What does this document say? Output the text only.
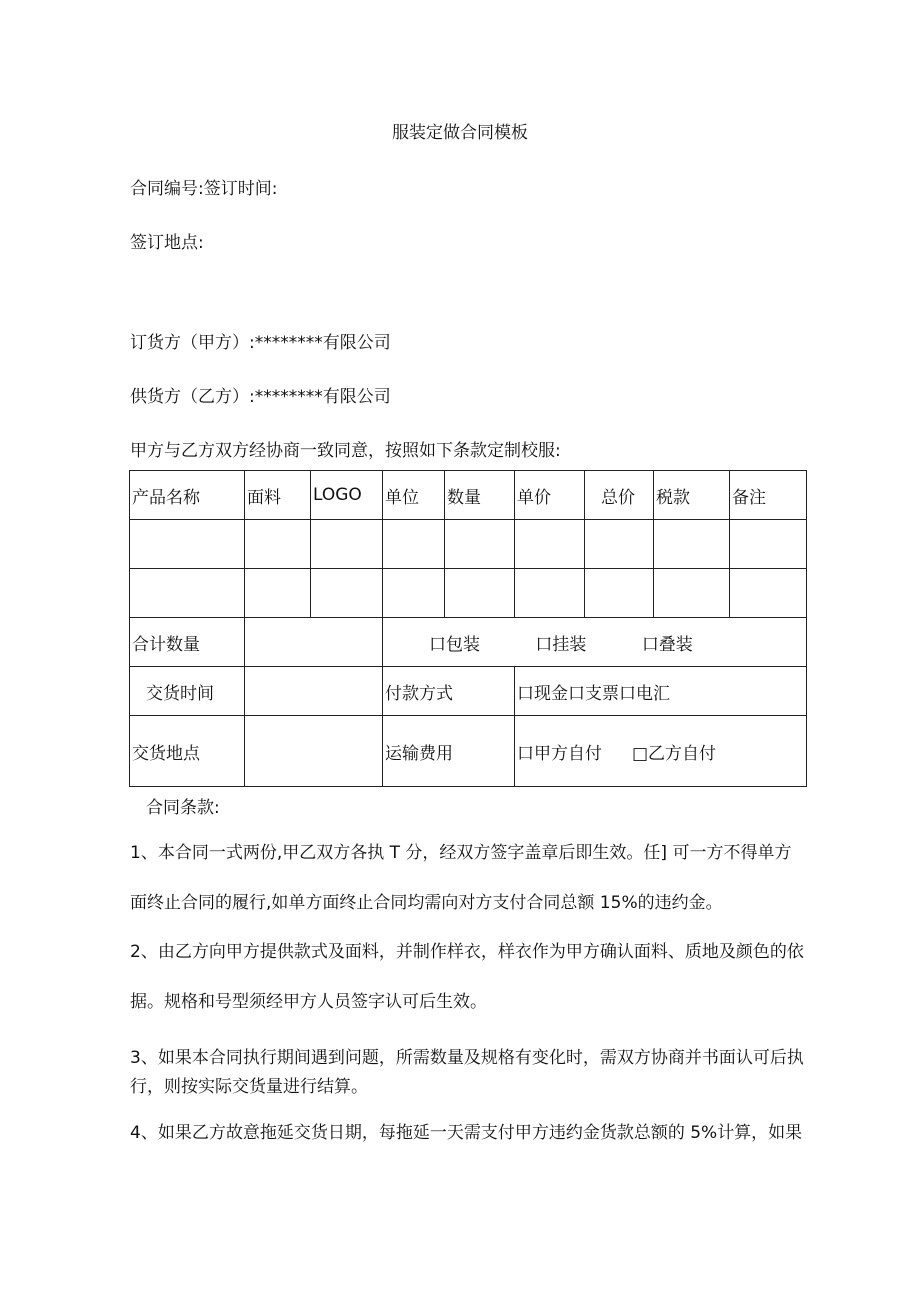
服装定做合同模板
合同编号:签订时间:
签订地点:
订货方（甲方）:********有限公司
供货方（乙方）:********有限公司
甲方与乙方双方经协商一致同意，按照如下条款定制校服:
产品名称	面料	LOGO	单位	数量	单价	总价	税款	备注

合计数量			口包装 口挂装 口叠装					
交货时间			付款方式		口现金口支票口电汇			
交货地点			运输费用		口甲方自付 □乙方自付			
合同条款:
1、本合同一式两份,甲乙双方各执 T 分，经双方签字盖章后即生效。任] 可一方不得单方
面终止合同的履行,如单方面终止合同均需向对方支付合同总额 15%的违约金。
2、由乙方向甲方提供款式及面料，并制作样衣，样衣作为甲方确认面料、质地及颜色的依
据。规格和号型须经甲方人员签字认可后生效。
3、如果本合同执行期间遇到问题，所需数量及规格有变化时，需双方协商并书面认可后执
行，则按实际交货量进行结算。
4、如果乙方故意拖延交货日期，每拖延一天需支付甲方违约金货款总额的 5%计算，如果
